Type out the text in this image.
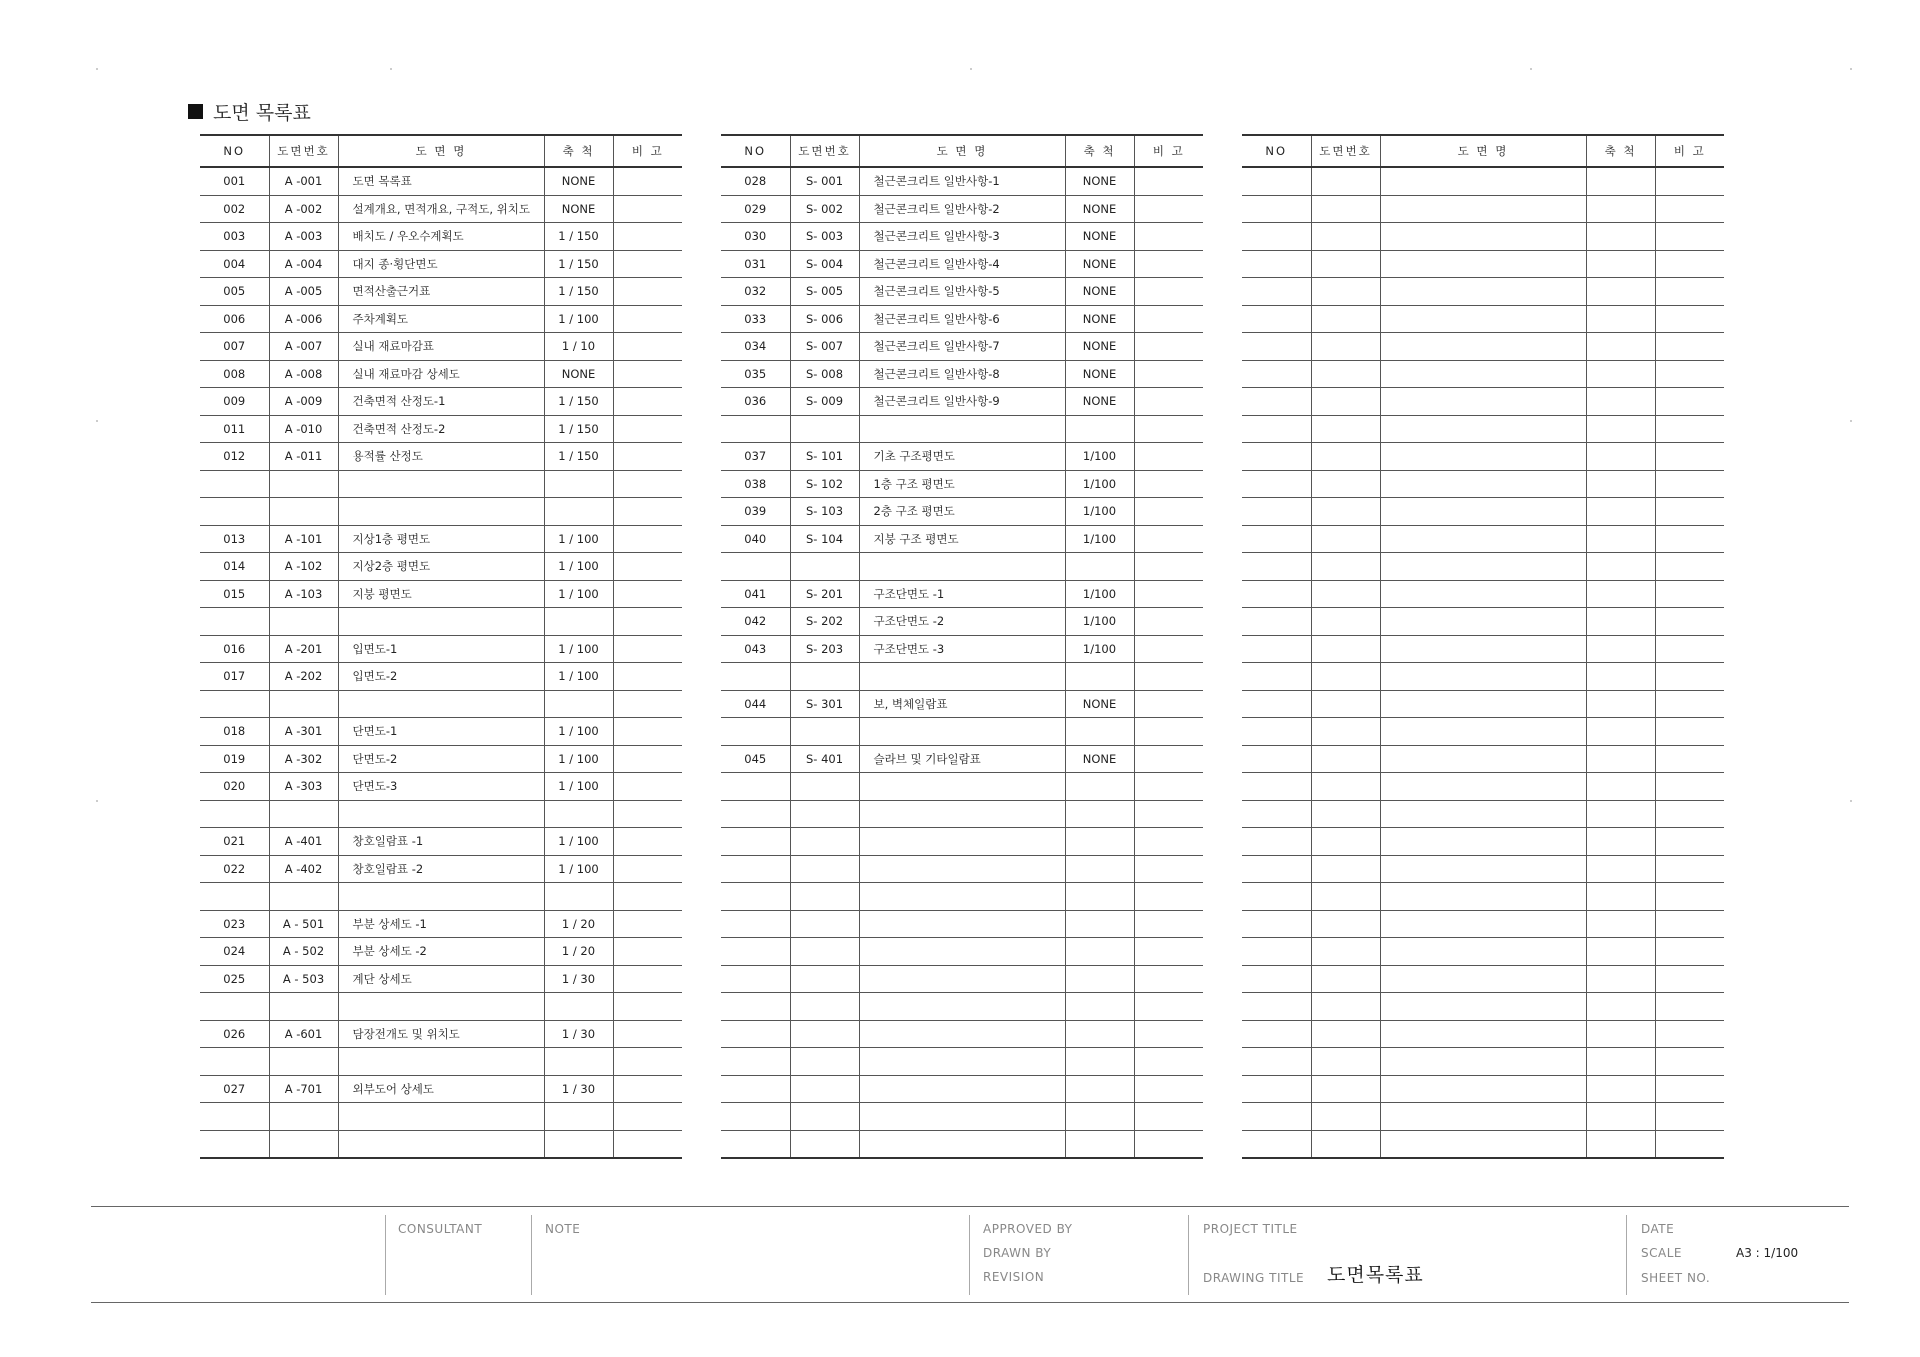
도면 목록표
NO	도면번호	도 면 명	축 척	비 고
001	A -001	도면 목록표	NONE	
002	A -002	설계개요, 면적개요, 구적도, 위치도	NONE	
003	A -003	배치도 / 우오수계획도	1 / 150	
004	A -004	대지 종·횡단면도	1 / 150	
005	A -005	면적산출근거표	1 / 150	
006	A -006	주차계획도	1 / 100	
007	A -007	실내 재료마감표	1 / 10	
008	A -008	실내 재료마감 상세도	NONE	
009	A -009	건축면적 산정도-1	1 / 150	
011	A -010	건축면적 산정도-2	1 / 150	
012	A -011	용적률 산정도	1 / 150	

013	A -101	지상1층 평면도	1 / 100	
014	A -102	지상2층 평면도	1 / 100	
015	A -103	지붕 평면도	1 / 100	

016	A -201	입면도-1	1 / 100	
017	A -202	입면도-2	1 / 100	

018	A -301	단면도-1	1 / 100	
019	A -302	단면도-2	1 / 100	
020	A -303	단면도-3	1 / 100	

021	A -401	창호일람표 -1	1 / 100	
022	A -402	창호일람표 -2	1 / 100	

023	A - 501	부분 상세도 -1	1 / 20	
024	A - 502	부분 상세도 -2	1 / 20	
025	A - 503	계단 상세도	1 / 30	

026	A -601	담장전개도 및 위치도	1 / 30	

027	A -701	외부도어 상세도	1 / 30	

NO	도면번호	도 면 명	축 척	비 고
028	S- 001	철근콘크리트 일반사항-1	NONE	
029	S- 002	철근콘크리트 일반사항-2	NONE	
030	S- 003	철근콘크리트 일반사항-3	NONE	
031	S- 004	철근콘크리트 일반사항-4	NONE	
032	S- 005	철근콘크리트 일반사항-5	NONE	
033	S- 006	철근콘크리트 일반사항-6	NONE	
034	S- 007	철근콘크리트 일반사항-7	NONE	
035	S- 008	철근콘크리트 일반사항-8	NONE	
036	S- 009	철근콘크리트 일반사항-9	NONE	

037	S- 101	기초 구조평면도	1/100	
038	S- 102	1층 구조 평면도	1/100	
039	S- 103	2층 구조 평면도	1/100	
040	S- 104	지붕 구조 평면도	1/100	

041	S- 201	구조단면도 -1	1/100	
042	S- 202	구조단면도 -2	1/100	
043	S- 203	구조단면도 -3	1/100	

044	S- 301	보, 벽체일람표	NONE	

045	S- 401	슬라브 및 기타일람표	NONE	

NO	도면번호	도 면 명	축 척	비 고

CONSULTANT	NOTE	APPROVED BY
DRAWN BY
REVISION
PROJECT TITLE
DRAWING TITLE 도면목록표
DATE
SCALE	A3 : 1/100
SHEET NO.
